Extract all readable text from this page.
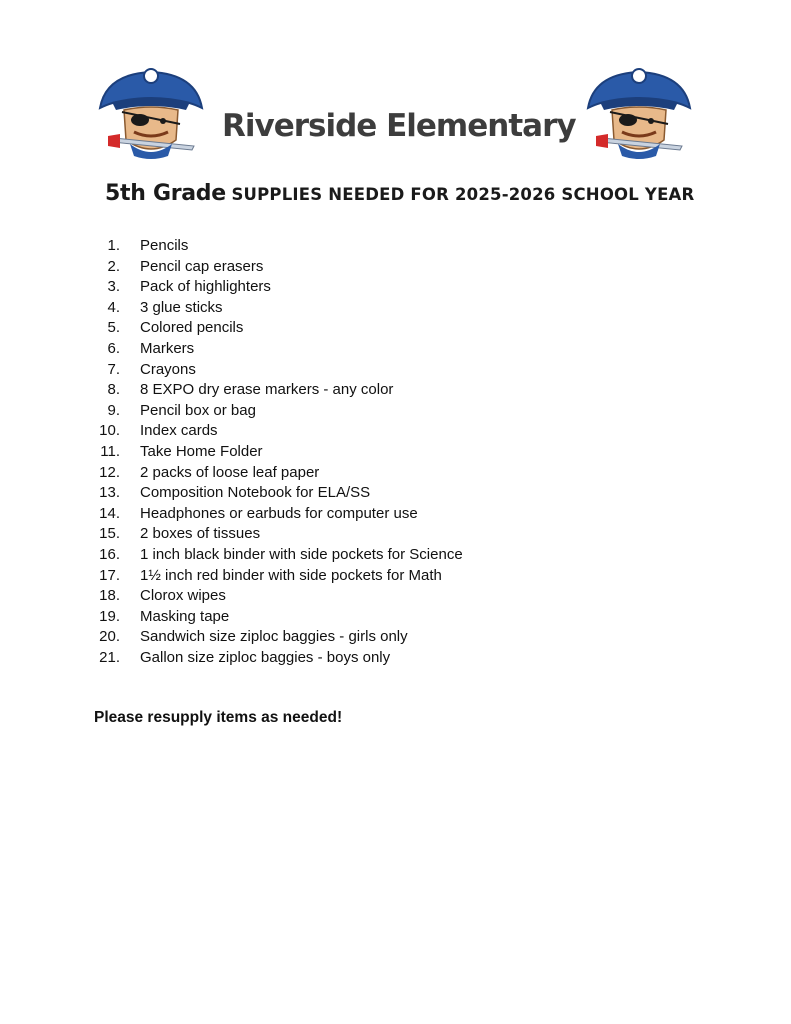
Riverside Elementary
5th Grade SUPPLIES NEEDED FOR 2025-2026 SCHOOL YEAR
1. Pencils
2. Pencil cap erasers
3. Pack of highlighters
4. 3 glue sticks
5. Colored pencils
6. Markers
7. Crayons
8. 8 EXPO dry erase markers - any color
9. Pencil box or bag
10. Index cards
11. Take Home Folder
12. 2 packs of loose leaf paper
13. Composition Notebook for ELA/SS
14. Headphones or earbuds for computer use
15. 2 boxes of tissues
16. 1 inch black binder with side pockets for Science
17. 1½ inch red binder with side pockets for Math
18. Clorox wipes
19. Masking tape
20. Sandwich size ziploc baggies - girls only
21. Gallon size ziploc baggies - boys only
Please resupply items as needed!
